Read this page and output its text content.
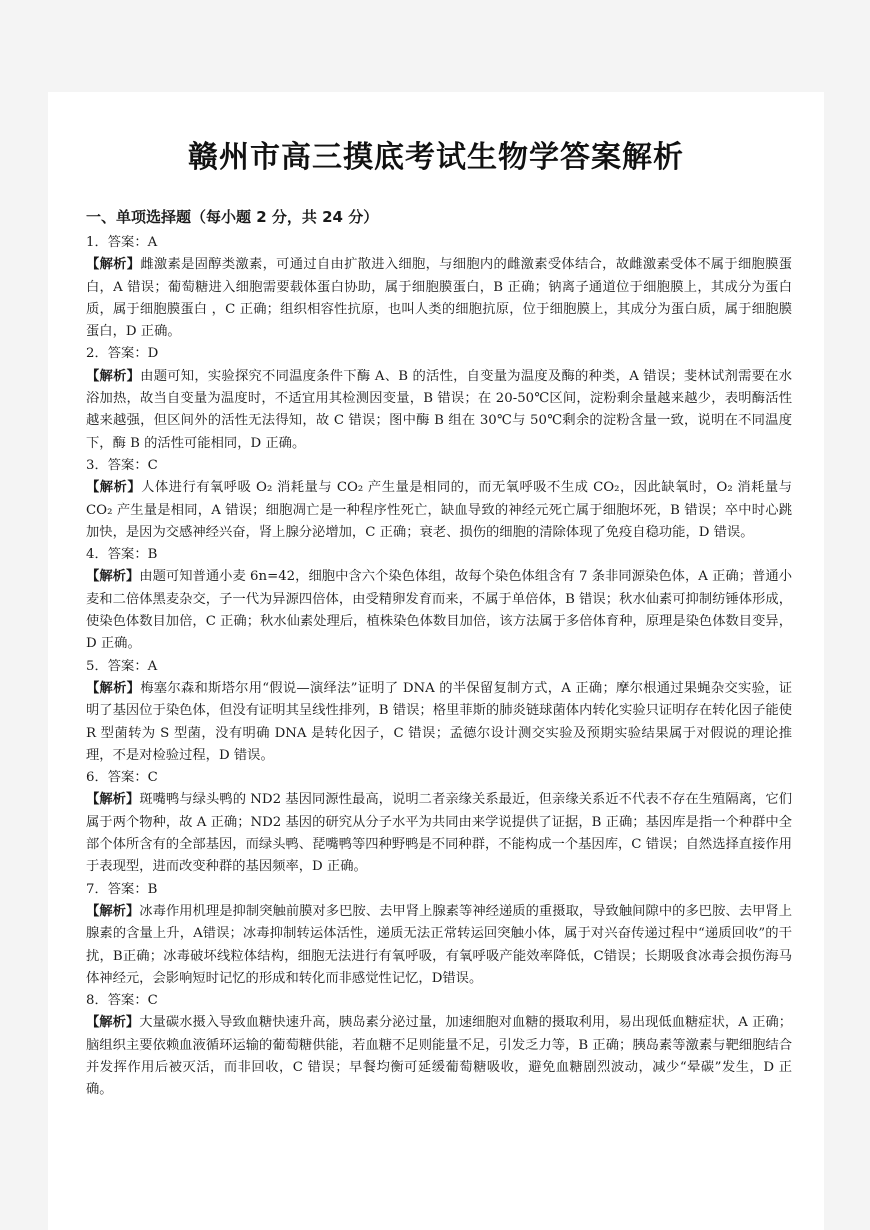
赣州市高三摸底考试生物学答案解析
一、单项选择题（每小题 2 分，共 24 分）
1．答案：A
【解析】雌激素是固醇类激素，可通过自由扩散进入细胞，与细胞内的雌激素受体结合，故雌激素受体不属于细胞膜蛋白，A 错误；葡萄糖进入细胞需要载体蛋白协助，属于细胞膜蛋白，B 正确；钠离子通道位于细胞膜上，其成分为蛋白质，属于细胞膜蛋白 ，C 正确；组织相容性抗原，也叫人类的细胞抗原，位于细胞膜上，其成分为蛋白质，属于细胞膜蛋白，D 正确。
2．答案：D
【解析】由题可知，实验探究不同温度条件下酶 A、B 的活性，自变量为温度及酶的种类，A 错误；斐林试剂需要在水浴加热，故当自变量为温度时，不适宜用其检测因变量，B 错误；在 20-50℃区间，淀粉剩余量越来越少，表明酶活性越来越强，但区间外的活性无法得知，故 C 错误；图中酶 B 组在 30℃与 50℃剩余的淀粉含量一致，说明在不同温度下，酶 B 的活性可能相同，D 正确。
3．答案：C
【解析】人体进行有氧呼吸 O₂ 消耗量与 CO₂ 产生量是相同的，而无氧呼吸不生成 CO₂，因此缺氧时，O₂ 消耗量与 CO₂ 产生量是相同，A 错误；细胞凋亡是一种程序性死亡，缺血导致的神经元死亡属于细胞坏死，B 错误；卒中时心跳加快，是因为交感神经兴奋，肾上腺分泌增加，C 正确；衰老、损伤的细胞的清除体现了免疫自稳功能，D 错误。
4．答案：B
【解析】由题可知普通小麦 6n=42，细胞中含六个染色体组，故每个染色体组含有 7 条非同源染色体，A 正确；普通小麦和二倍体黑麦杂交，子一代为异源四倍体，由受精卵发育而来，不属于单倍体，B 错误；秋水仙素可抑制纺锤体形成，使染色体数目加倍，C 正确；秋水仙素处理后，植株染色体数目加倍，该方法属于多倍体育种，原理是染色体数目变异，D 正确。
5．答案：A
【解析】梅塞尔森和斯塔尔用“假说—演绎法”证明了 DNA 的半保留复制方式，A 正确；摩尔根通过果蝇杂交实验，证明了基因位于染色体，但没有证明其呈线性排列，B 错误；格里菲斯的肺炎链球菌体内转化实验只证明存在转化因子能使 R 型菌转为 S 型菌，没有明确 DNA 是转化因子，C 错误；孟德尔设计测交实验及预期实验结果属于对假说的理论推理，不是对检验过程，D 错误。
6．答案：C
【解析】斑嘴鸭与绿头鸭的 ND2 基因同源性最高，说明二者亲缘关系最近，但亲缘关系近不代表不存在生殖隔离，它们属于两个物种，故 A 正确；ND2 基因的研究从分子水平为共同由来学说提供了证据，B 正确；基因库是指一个种群中全部个体所含有的全部基因，而绿头鸭、琵嘴鸭等四种野鸭是不同种群，不能构成一个基因库，C 错误；自然选择直接作用于表现型，进而改变种群的基因频率，D 正确。
7．答案：B
【解析】冰毒作用机理是抑制突触前膜对多巴胺、去甲肾上腺素等神经递质的重摄取，导致触间隙中的多巴胺、去甲肾上腺素的含量上升，A错误；冰毒抑制转运体活性，递质无法正常转运回突触小体，属于对兴奋传递过程中“递质回收”的干扰，B正确；冰毒破坏线粒体结构，细胞无法进行有氧呼吸，有氧呼吸产能效率降低，C错误；长期吸食冰毒会损伤海马体神经元，会影响短时记忆的形成和转化而非感觉性记忆，D错误。
8．答案：C
【解析】大量碳水摄入导致血糖快速升高，胰岛素分泌过量，加速细胞对血糖的摄取利用，易出现低血糖症状，A 正确；脑组织主要依赖血液循环运输的葡萄糖供能，若血糖不足则能量不足，引发乏力等，B 正确；胰岛素等激素与靶细胞结合并发挥作用后被灭活，而非回收，C 错误；早餐均衡可延缓葡萄糖吸收，避免血糖剧烈波动，减少“晕碳”发生，D 正确。
